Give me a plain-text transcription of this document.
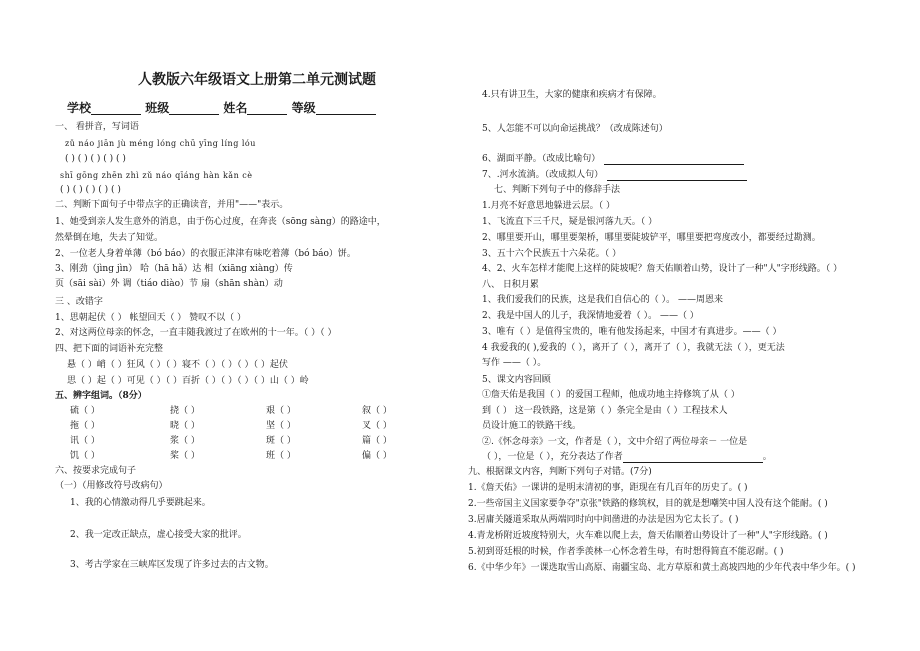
人教版六年级语文上册第二单元测试题
学校	班级	姓名	等级
一、 看拼音，写词语
zǔ náo jiān jù méng lóng chū yīng líng lóu
( ) ( ) ( ) ( ) ( )
shī gōng zhēn zhì zǔ náo qīáng hàn kǎn cè
( ) ( ) ( ) ( ) ( )
二、判断下面句子中带点字的正确读音，并用"——"表示。
1、她受到亲人发生意外的消息，由于伤心过度，在奔丧（sōng sàng）的路途中，
然晕倒在地，失去了知觉。
2、一位老人身着单薄（bó báo）的衣服正津津有味吃着薄（bó báo）饼。
3、刚劲（jìng jìn） 哈（hā hǎ）达 相（xiāng xiàng）传
页（sāi sài）外 调（tiáo diào）节 扇（shān shàn）动
三 、改错字
1、思朝起伏（ ） 帐望回天（ ） 赞叹不以（ ）
2、对这两位母亲的怀念，一直丰随我渡过了在欧州的十一年。（ ）（ ）
四、把下面的词语补充完整
悬（ ）峭（ ）狂风（ ）（ ）寝不（ ）（ ）（ ）（ ）起伏
思（ ）起（ ）可见（ ）（ ）百折（ ）（ ）（ ）（ ）山（ ）岭
五、辨字组词。（8分）
硫（ ）	挠（ ）	艰（ ）	叙（ ）
拖（ ）	晓（ ）	坚（ ）	叉（ ）
讯（ ）	浆（ ）	斑（ ）	篇（ ）
饥（ ）	桨（ ）	班（ ）	偏（ ）
六、按要求完成句子
（一）（用修改符号改病句）
1、我的心情激动得几乎要跳起来。
2、我一定改正缺点，虚心接受大家的批评。
3、考古学家在三峡库区发现了许多过去的古文物。
4.只有讲卫生，大家的健康和疾病才有保障。
5、人怎能不可以向命运挑战？（改成陈述句）
6、湖面平静。（改成比喻句）
7、.河水流淌。（改成拟人句）
七、判断下列句子中的修辞手法
1.月亮不好意思地躲进云层。（ ）
1、飞流直下三千尺，疑是银河落九天。（ ）
2、哪里要开山，哪里要架桥，哪里要陡坡铲平，哪里要把弯度改小，都要经过勘测。
3、五十六个民族五十六朵花。（ ）
4、2、火车怎样才能爬上这样的陡坡呢？詹天佑顺着山势，设计了一种"人"字形线路。（ ）
八、 日积月累
1、我们爱我们的民族，这是我们自信心的（ ）。 ——周恩来
2、我是中国人的儿子，我深情地爱着（ ）。 ——（ ）
3、唯有（ ）是值得宝贵的，唯有他发扬起来，中国才有真进步。——（ ）
4 我爱我的( ),爱我的（ ），离开了（ ），离开了（ ），我就无法（ ），更无法
写作 ——（ ）。
5、课文内容回顾
①詹天佑是我国（ ）的爱国工程师，他成功地主持修筑了从（ ）
到（ ） 这一段铁路，这是第（ ）条完全是由（ ）工程技术人
员设计施工的铁路干线。
②.《怀念母亲》一文，作者是（ ），文中介绍了两位母亲－ 一位是
（ ），一位是（ ），充分表达了作者	。
九、根据课文内容，判断下列句子对错。(7分)
1.《詹天佑》一课讲的是明末清初的事，距现在有几百年的历史了。( )
2.一些帝国主义国家要争夺"京张"铁路的修筑权，目的就是想嘲笑中国人没有这个能耐。( )
3.居庸关隧道采取从两端同时向中间凿进的办法是因为它太长了。( )
4.青龙桥附近坡度特别大，火车难以爬上去，詹天佑顺着山势设计了一种"人"字形线路。( )
5.初到哥廷根的时候，作者季羡林一心怀念着生母，有时想得简直不能忍耐。( )
6.《中华少年》一课选取雪山高原、南疆宝岛、北方草原和黄土高坡四地的少年代表中华少年。( )
